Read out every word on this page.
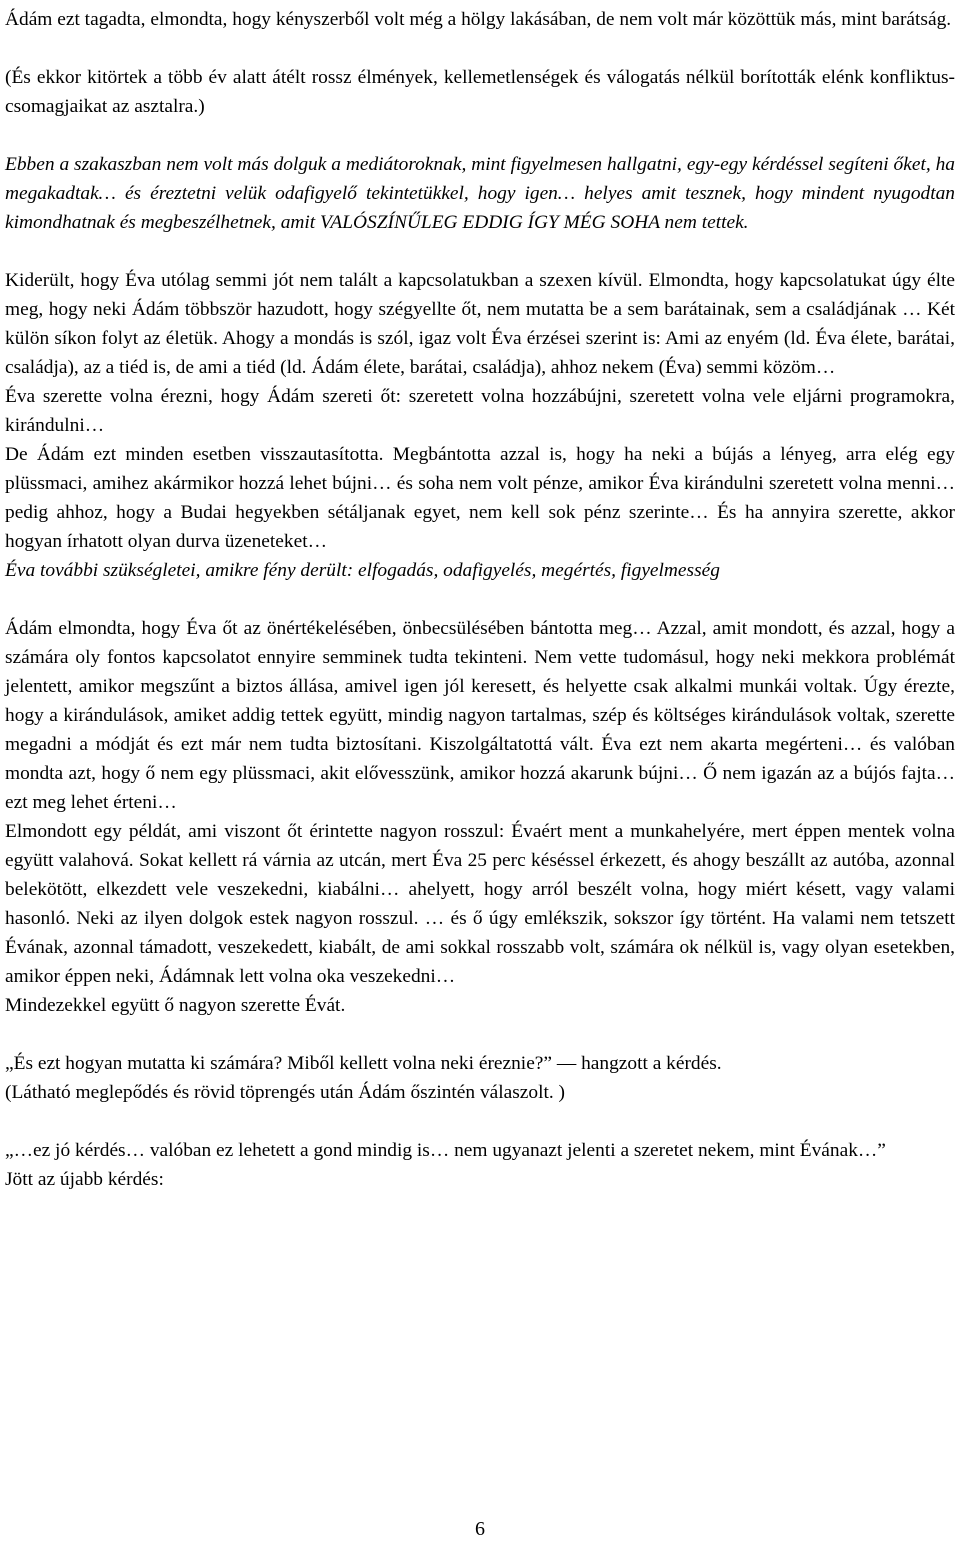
Ádám ezt tagadta, elmondta, hogy kényszerből volt még a hölgy lakásában, de nem volt már közöttük más, mint barátság.

(És ekkor kitörtek a több év alatt átélt rossz élmények, kellemetlenségek és válogatás nélkül borították elénk konfliktus-csomagjaikat az asztalra.)

Ebben a szakaszban nem volt más dolguk a mediátoroknak, mint figyelmesen hallgatni, egy-egy kérdéssel segíteni őket, ha megakadtak… és éreztetni velük odafigyelő tekintetükkel, hogy igen… helyes amit tesznek, hogy mindent nyugodtan kimondhatnak és megbeszélhetnek, amit VALÓSZÍNŰLEG EDDIG ÍGY MÉG SOHA nem tettek.

Kiderült, hogy Éva utólag semmi jót nem talált a kapcsolatukban a szexen kívül. Elmondta, hogy kapcsolatukat úgy élte meg, hogy neki Ádám többször hazudott, hogy szégyellte őt, nem mutatta be a sem barátainak, sem a családjának … Két külön síkon folyt az életük. Ahogy a mondás is szól, igaz volt Éva érzései szerint is: Ami az enyém (ld. Éva élete, barátai, családja), az a tiéd is, de ami a tiéd (ld. Ádám élete, barátai, családja), ahhoz nekem (Éva) semmi közöm…

Éva szerette volna érezni, hogy Ádám szereti őt: szeretett volna hozzábújni, szeretett volna vele eljárni programokra, kirándulni…

De Ádám ezt minden esetben visszautasította. Megbántotta azzal is, hogy ha neki a bújás a lényeg, arra elég egy plüssmaci, amihez akármikor hozzá lehet bújni… és soha nem volt pénze, amikor Éva kirándulni szeretett volna menni… pedig ahhoz, hogy a Budai hegyekben sétáljanak egyet, nem kell sok pénz szerinte… És ha annyira szerette, akkor hogyan írhatott olyan durva üzeneteket…

Éva további szükségletei, amikre fény derült: elfogadás, odafigyelés, megértés, figyelmesség

Ádám elmondta, hogy Éva őt az önértékelésében, önbecsülésében bántotta meg… Azzal, amit mondott, és azzal, hogy a számára oly fontos kapcsolatot ennyire semminek tudta tekinteni. Nem vette tudomásul, hogy neki mekkora problémát jelentett, amikor megszűnt a biztos állása, amivel igen jól keresett, és helyette csak alkalmi munkái voltak. Úgy érezte, hogy a kirándulások, amiket addig tettek együtt, mindig nagyon tartalmas, szép és költséges kirándulások voltak, szerette megadni a módját és ezt már nem tudta biztosítani. Kiszolgáltatottá vált. Éva ezt nem akarta megérteni… és valóban mondta azt, hogy ő nem egy plüssmaci, akit elővesszünk, amikor hozzá akarunk bújni… Ő nem igazán az a bújós fajta… ezt meg lehet érteni…

Elmondott egy példát, ami viszont őt érintette nagyon rosszul: Évaért ment a munkahelyére, mert éppen mentek volna együtt valahová. Sokat kellett rá várnia az utcán, mert Éva 25 perc késéssel érkezett, és ahogy beszállt az autóba, azonnal belekötött, elkezdett vele veszekedni, kiabálni… ahelyett, hogy arról beszélt volna, hogy miért késett, vagy valami hasonló. Neki az ilyen dolgok estek nagyon rosszul. … és ő úgy emlékszik, sokszor így történt. Ha valami nem tetszett Évának, azonnal támadott, veszekedett, kiabált, de ami sokkal rosszabb volt, számára ok nélkül is, vagy olyan esetekben, amikor éppen neki, Ádámnak lett volna oka veszekedni…

Mindezekkel együtt ő nagyon szerette Évát.

„És ezt hogyan mutatta ki számára? Miből kellett volna neki éreznie?” — hangzott a kérdés.

(Látható meglepődés és rövid töprengés után Ádám őszintén válaszolt. )

„…ez jó kérdés… valóban ez lehetett a gond mindig is… nem ugyanazt jelenti a szeretet nekem, mint Évának…”

Jött az újabb kérdés:

6
